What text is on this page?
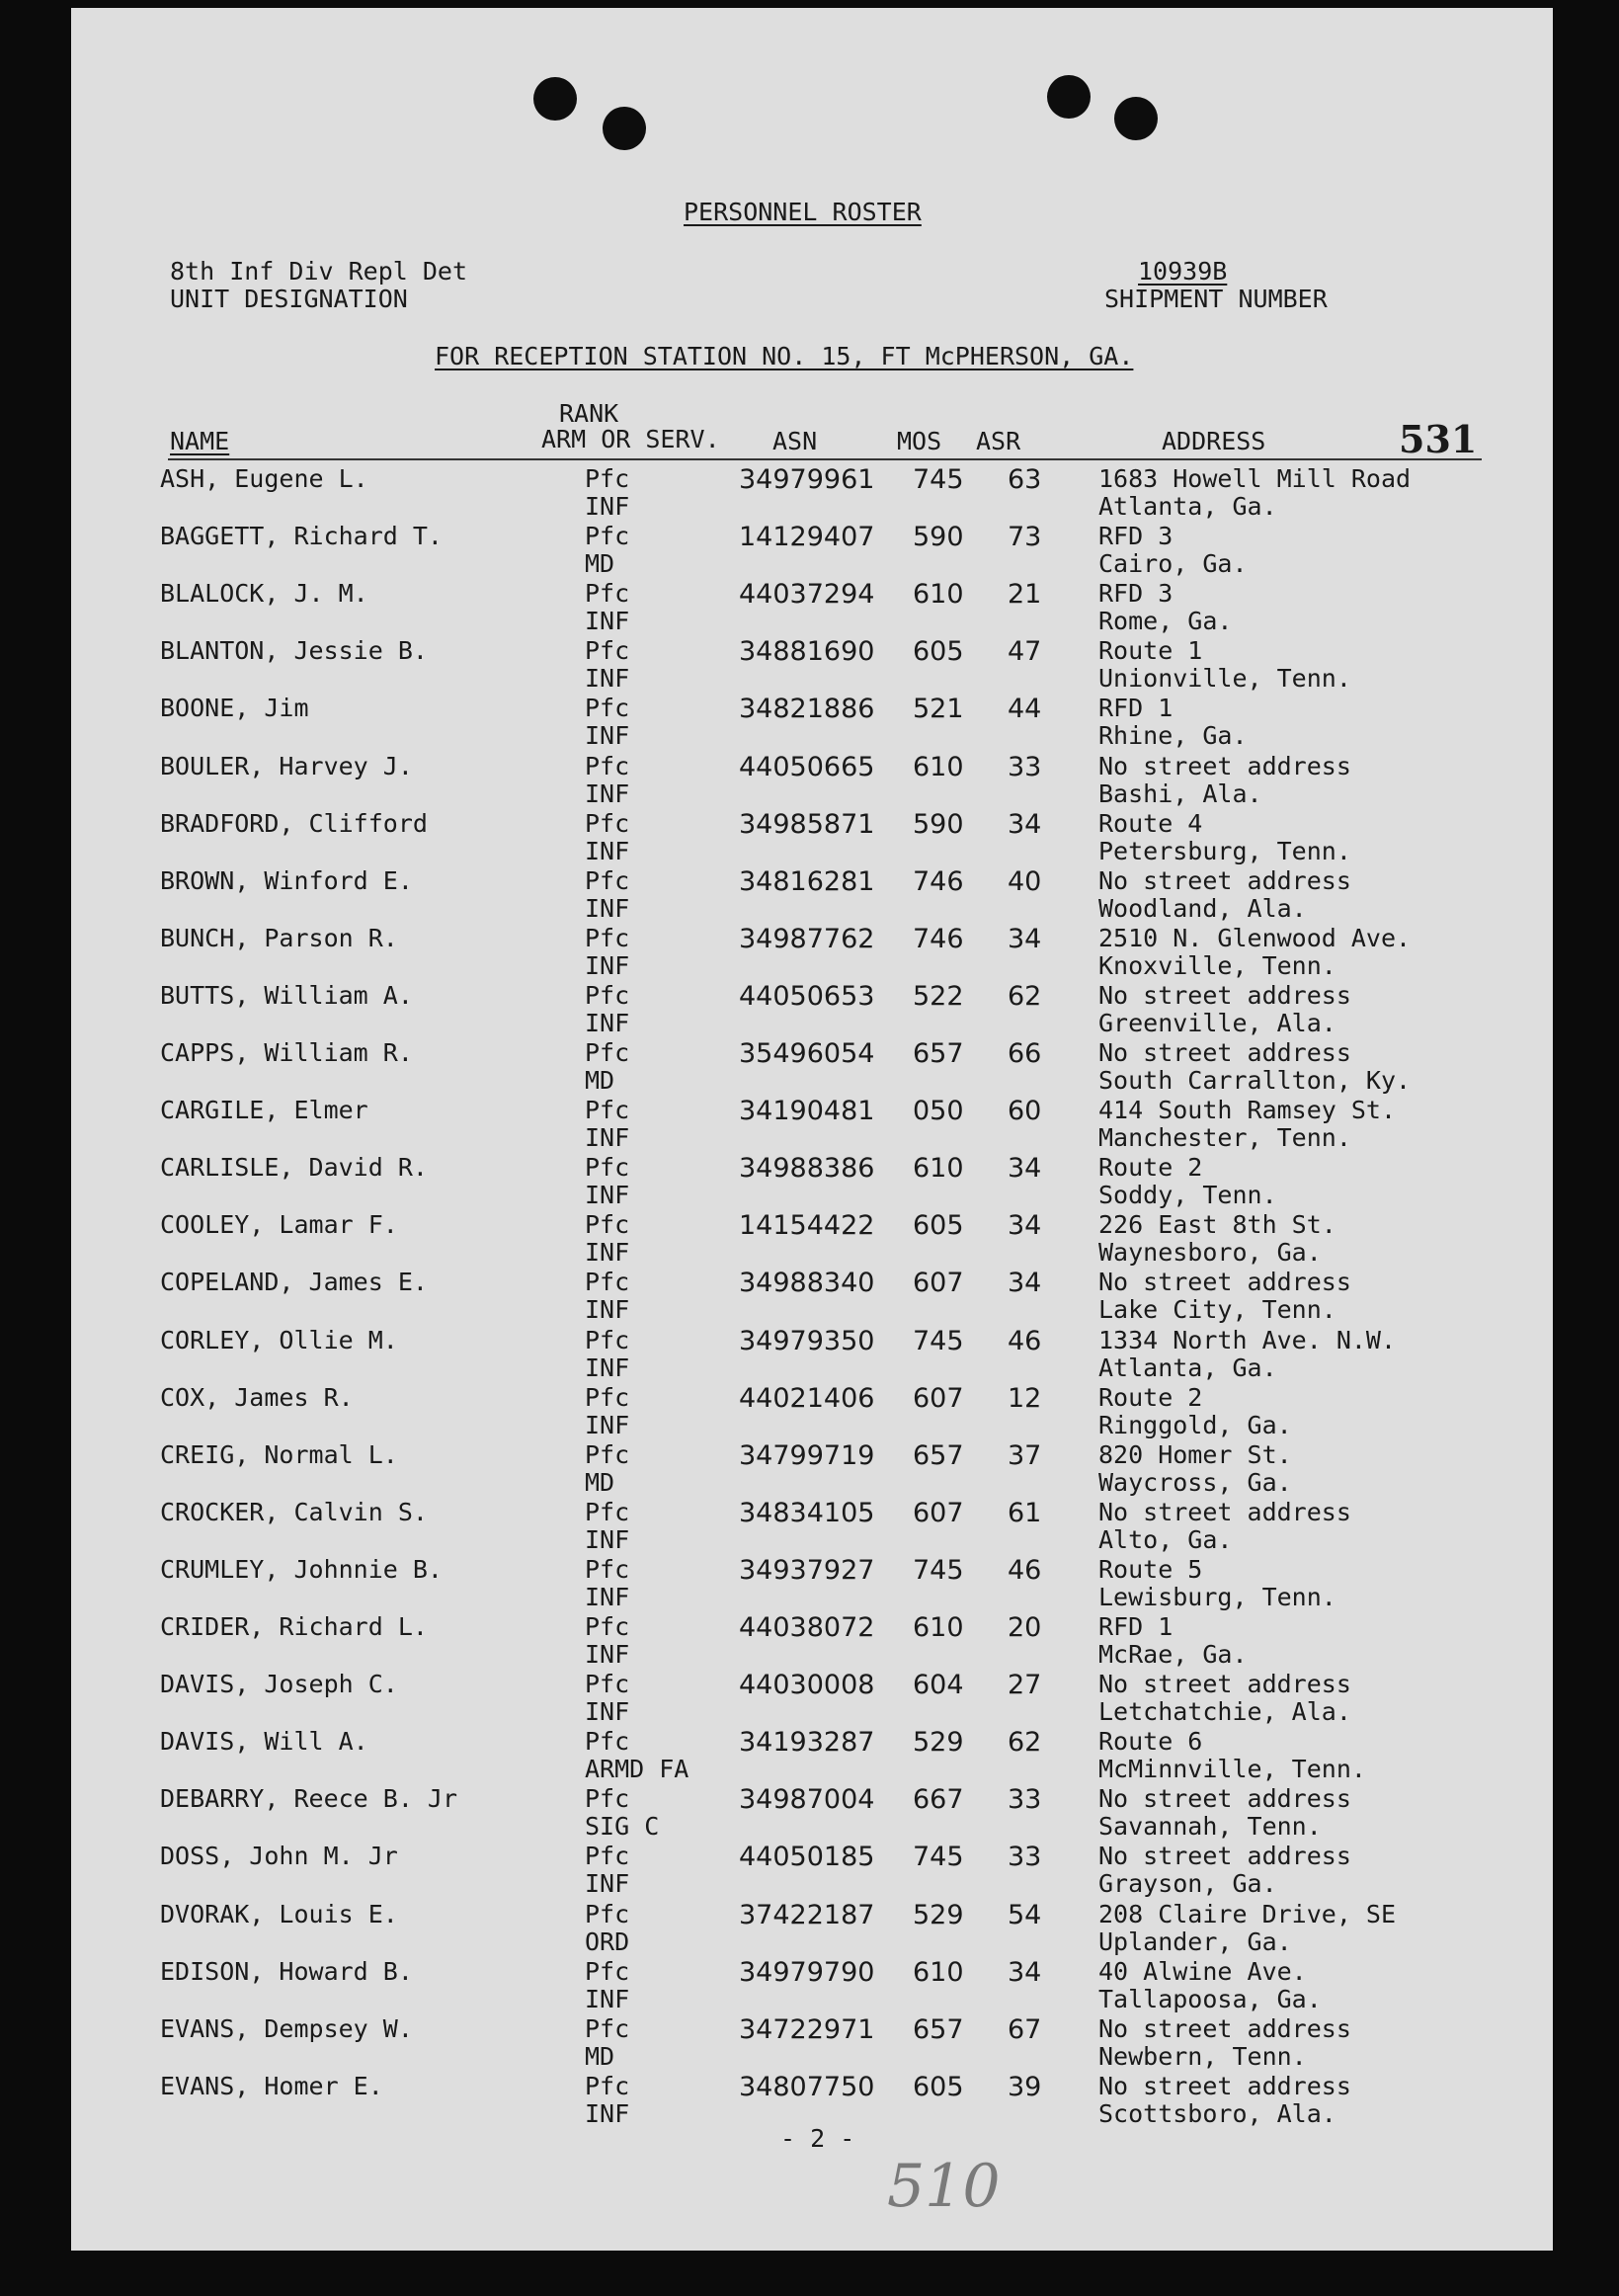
PERSONNEL ROSTER
8th Inf Div Repl Det
UNIT DESIGNATION
10939B
SHIPMENT NUMBER
FOR RECEPTION STATION NO. 15, FT McPHERSON, GA.
RANK
ARM OR SERV.
NAME	ASN	MOS ASR	ADDRESS	531
ASH, Eugene L.	Pfc
INF
34979961 745 63 1683 Howell Mill Road
Atlanta, Ga.
BAGGETT, Richard T.	Pfc
MD
14129407 590 73 RFD 3
Cairo, Ga.
BLALOCK, J. M.	Pfc
INF
44037294 610 21 RFD 3
Rome, Ga.
BLANTON, Jessie B.	Pfc
INF
34881690 605 47 Route 1
Unionville, Tenn.
BOONE, Jim	Pfc
INF
34821886 521 44 RFD 1
Rhine, Ga.
BOULER, Harvey J.	Pfc
INF
44050665 610 33 No street address
Bashi, Ala.
BRADFORD, Clifford	Pfc
INF
34985871 590 34 Route 4
Petersburg, Tenn.
BROWN, Winford E.	Pfc
INF
34816281 746 40 No street address
Woodland, Ala.
BUNCH, Parson R.	Pfc
INF
34987762 746 34 2510 N. Glenwood Ave.
Knoxville, Tenn.
BUTTS, William A.	Pfc
INF
44050653 522 62 No street address
Greenville, Ala.
CAPPS, William R.	Pfc
MD
35496054 657 66 No street address
South Carrallton, Ky.
CARGILE, Elmer	Pfc
INF
34190481 050 60 414 South Ramsey St.
Manchester, Tenn.
CARLISLE, David R.	Pfc
INF
34988386 610 34 Route 2
Soddy, Tenn.
COOLEY, Lamar F.	Pfc
INF
14154422 605 34 226 East 8th St.
Waynesboro, Ga.
COPELAND, James E.	Pfc
INF
34988340 607 34 No street address
Lake City, Tenn.
CORLEY, Ollie M.	Pfc
INF
34979350 745 46 1334 North Ave. N.W.
Atlanta, Ga.
COX, James R.	Pfc
INF
44021406 607 12 Route 2
Ringgold, Ga.
CREIG, Normal L.	Pfc
MD
34799719 657 37 820 Homer St.
Waycross, Ga.
CROCKER, Calvin S.	Pfc
INF
34834105 607 61 No street address
Alto, Ga.
CRUMLEY, Johnnie B.	Pfc
INF
34937927 745 46 Route 5
Lewisburg, Tenn.
CRIDER, Richard L.	Pfc
INF
44038072 610 20 RFD 1
McRae, Ga.
DAVIS, Joseph C.	Pfc
INF
44030008 604 27 No street address
Letchatchie, Ala.
DAVIS, Will A.	Pfc
ARMD FA
34193287 529 62 Route 6
McMinnville, Tenn.
DEBARRY, Reece B. Jr	Pfc
SIG C
34987004 667 33 No street address
Savannah, Tenn.
DOSS, John M. Jr	Pfc
INF
44050185 745 33 No street address
Grayson, Ga.
DVORAK, Louis E.	Pfc
ORD
37422187 529 54 208 Claire Drive, SE
Uplander, Ga.
EDISON, Howard B.	Pfc
INF
34979790 610 34 40 Alwine Ave.
Tallapoosa, Ga.
EVANS, Dempsey W.	Pfc
MD
34722971 657 67 No street address
Newbern, Tenn.
EVANS, Homer E.	Pfc
INF
34807750 605 39 No street address
Scottsboro, Ala.
- 2 -
510
